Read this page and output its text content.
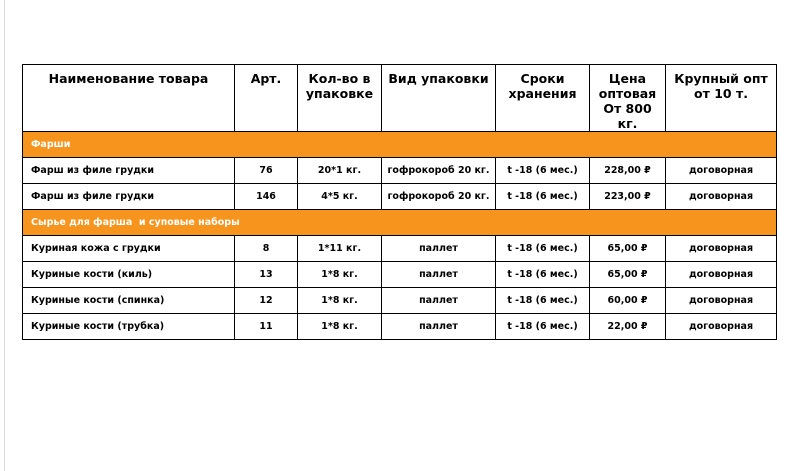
Наименование товара	Арт.	Кол-во в упаковке	Вид упаковки	Сроки хранения	Цена оптовая От 800 кг.	Крупный опт от 10 т.
Фарши						
Фарш из филе грудки	76	20*1 кг.	гофрокороб 20 кг.	t -18 (6 мес.)	228,00 ₽	договорная
Фарш из филе грудки	146	4*5 кг.	гофрокороб 20 кг.	t -18 (6 мес.)	223,00 ₽	договорная
Сырье для фарша  и суповые наборы						
Куриная кожа с грудки	8	1*11 кг.	паллет	t -18 (6 мес.)	65,00 ₽	договорная
Куриные кости (киль)	13	1*8 кг.	паллет	t -18 (6 мес.)	65,00 ₽	договорная
Куриные кости (спинка)	12	1*8 кг.	паллет	t -18 (6 мес.)	60,00 ₽	договорная
Куриные кости (трубка)	11	1*8 кг.	паллет	t -18 (6 мес.)	22,00 ₽	договорная
